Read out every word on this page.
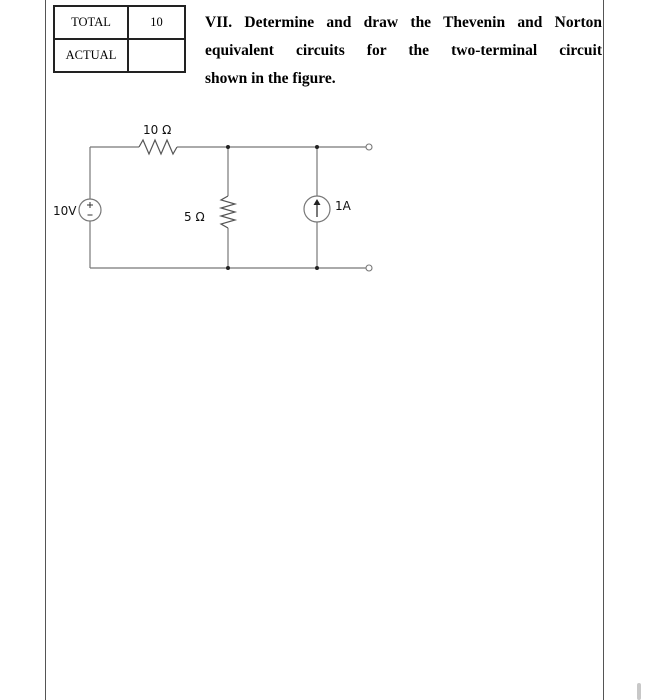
TOTAL	10
ACTUAL	
VII. Determine and draw the Thevenin and Norton
equivalent circuits for the two-terminal circuit
shown in the figure.
10 Ω
5 Ω
10V	1A
